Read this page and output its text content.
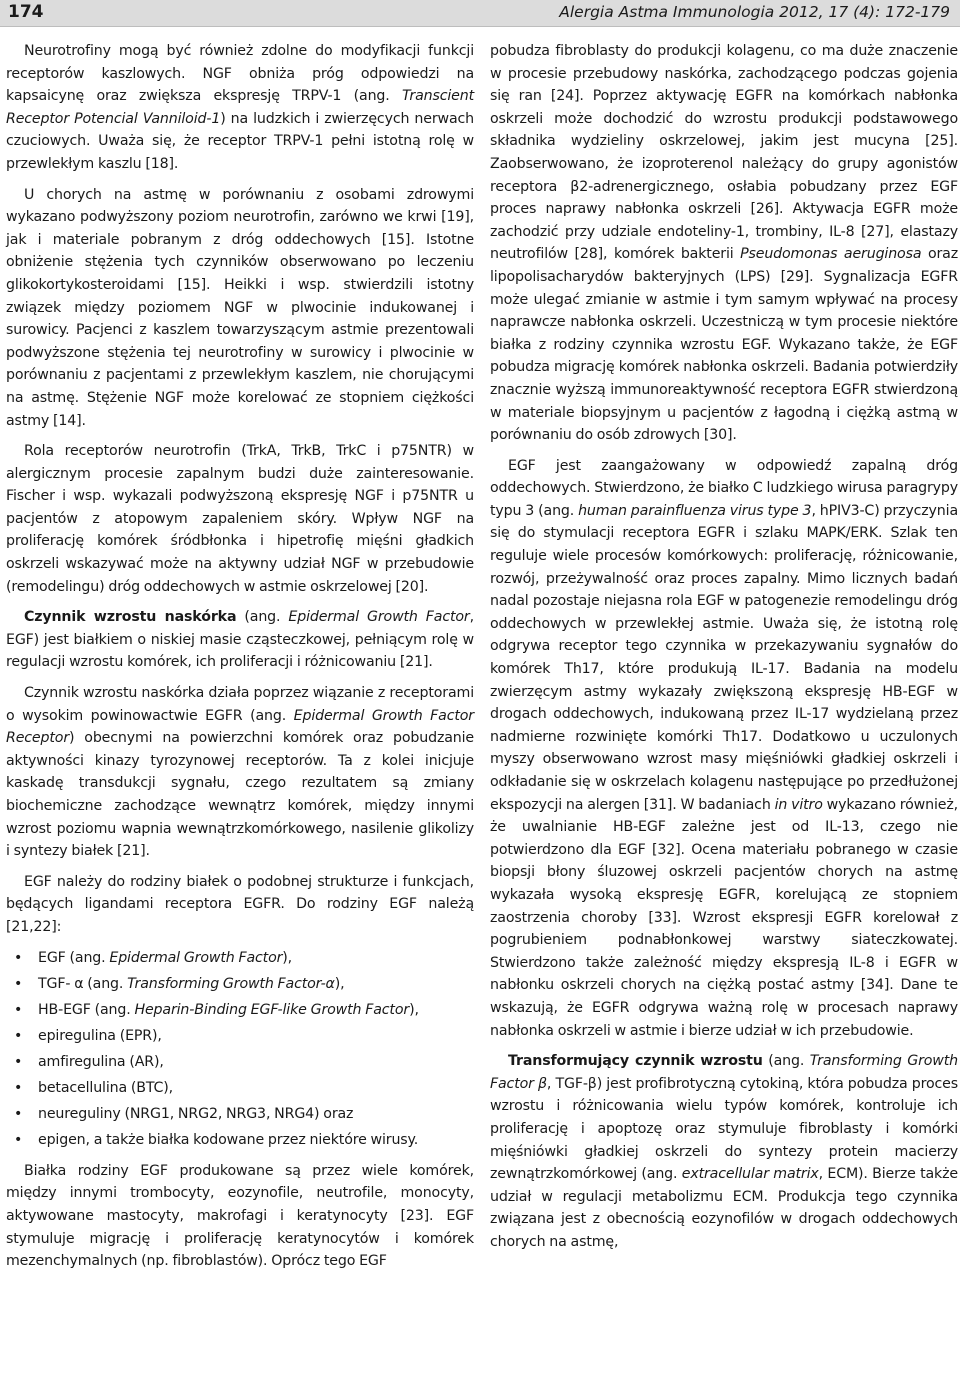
174	Alergia Astma Immunologia 2012, 17 (4): 172-179

Neurotrofiny mogą być również zdolne do modyfikacji funkcji receptorów kaszlowych. NGF obniża próg odpowiedzi na kapsaicynę oraz zwiększa ekspresję TRPV-1 (ang. Transcient Receptor Potencial Vanniloid-1) na ludzkich i zwierzęcych nerwach czuciowych. Uważa się, że receptor TRPV-1 pełni istotną rolę w przewlekłym kaszlu [18].

U chorych na astmę w porównaniu z osobami zdrowymi wykazano podwyższony poziom neurotrofin, zarówno we krwi [19], jak i materiale pobranym z dróg oddechowych [15]. Istotne obniżenie stężenia tych czynników obserwowano po leczeniu glikokortykosteroidami [15]. Heikki i wsp. stwierdzili istotny związek między poziomem NGF w plwocinie indukowanej i surowicy. Pacjenci z kaszlem towarzyszącym astmie prezentowali podwyższone stężenia tej neurotrofiny w surowicy i plwocinie w porównaniu z pacjentami z przewlekłym kaszlem, nie chorującymi na astmę. Stężenie NGF może korelować ze stopniem ciężkości astmy [14].

Rola receptorów neurotrofin (TrkA, TrkB, TrkC i p75NTR) w alergicznym procesie zapalnym budzi duże zainteresowanie. Fischer i wsp. wykazali podwyższoną ekspresję NGF i p75NTR u pacjentów z atopowym zapaleniem skóry. Wpływ NGF na proliferację komórek śródbłonka i hipetrofię mięśni gładkich oskrzeli wskazywać może na aktywny udział NGF w przebudowie (remodelingu) dróg oddechowych w astmie oskrzelowej [20].

Czynnik wzrostu naskórka (ang. Epidermal Growth Factor, EGF) jest białkiem o niskiej masie cząsteczkowej, pełniącym rolę w regulacji wzrostu komórek, ich proliferacji i różnicowaniu [21].

Czynnik wzrostu naskórka działa poprzez wiązanie z receptorami o wysokim powinowactwie EGFR (ang. Epidermal Growth Factor Receptor) obecnymi na powierzchni komórek oraz pobudzanie aktywności kinazy tyrozynowej receptorów. Ta z kolei inicjuje kaskadę transdukcji sygnału, czego rezultatem są zmiany biochemiczne zachodzące wewnątrz komórek, między innymi wzrost poziomu wapnia wewnątrzkomórkowego, nasilenie glikolizy i syntezy białek [21].

EGF należy do rodziny białek o podobnej strukturze i funkcjach, będących ligandami receptora EGFR. Do rodziny EGF należą [21,22]:

• EGF (ang. Epidermal Growth Factor),
• TGF- α (ang. Transforming Growth Factor-α),
• HB-EGF (ang. Heparin-Binding EGF-like Growth Factor),
• epiregulina (EPR),
• amfiregulina (AR),
• betacellulina (BTC),
• neureguliny (NRG1, NRG2, NRG3, NRG4) oraz
• epigen, a także białka kodowane przez niektóre wirusy.

Białka rodziny EGF produkowane są przez wiele komórek, między innymi trombocyty, eozynofile, neutrofile, monocyty, aktywowane mastocyty, makrofagi i keratynocyty [23]. EGF stymuluje migrację i proliferację keratynocytów i komórek mezenchymalnych (np. fibroblastów). Oprócz tego EGF

pobudza fibroblasty do produkcji kolagenu, co ma duże znaczenie w procesie przebudowy naskórka, zachodzącego podczas gojenia się ran [24]. Poprzez aktywację EGFR na komórkach nabłonka oskrzeli może dochodzić do wzrostu produkcji podstawowego składnika wydzieliny oskrzelowej, jakim jest mucyna [25]. Zaobserwowano, że izoproterenol należący do grupy agonistów receptora β2-adrenergicznego, osłabia pobudzany przez EGF proces naprawy nabłonka oskrzeli [26]. Aktywacja EGFR może zachodzić przy udziale endoteliny-1, trombiny, IL-8 [27], elastazy neutrofilów [28], komórek bakterii Pseudomonas aeruginosa oraz lipopolisacharydów bakteryjnych (LPS) [29]. Sygnalizacja EGFR może ulegać zmianie w astmie i tym samym wpływać na procesy naprawcze nabłonka oskrzeli. Uczestniczą w tym procesie niektóre białka z rodziny czynnika wzrostu EGF. Wykazano także, że EGF pobudza migrację komórek nabłonka oskrzeli. Badania potwierdziły znacznie wyższą immunoreaktywność receptora EGFR stwierdzoną w materiale biopsyjnym u pacjentów z łagodną i ciężką astmą w porównaniu do osób zdrowych [30].

EGF jest zaangażowany w odpowiedź zapalną dróg oddechowych. Stwierdzono, że białko C ludzkiego wirusa paragrypy typu 3 (ang. human parainfluenza virus type 3, hPIV3-C) przyczynia się do stymulacji receptora EGFR i szlaku MAPK/ERK. Szlak ten reguluje wiele procesów komórkowych: proliferację, różnicowanie, rozwój, przeżywalność oraz proces zapalny. Mimo licznych badań nadal pozostaje niejasna rola EGF w patogenezie remodelingu dróg oddechowych w przewlekłej astmie. Uważa się, że istotną rolę odgrywa receptor tego czynnika w przekazywaniu sygnałów do komórek Th17, które produkują IL-17. Badania na modelu zwierzęcym astmy wykazały zwiększoną ekspresję HB-EGF w drogach oddechowych, indukowaną przez IL-17 wydzielaną przez nadmierne rozwinięte komórki Th17. Dodatkowo u uczulonych myszy obserwowano wzrost masy mięśniówki gładkiej oskrzeli i odkładanie się w oskrzelach kolagenu następujące po przedłużonej ekspozycji na alergen [31]. W badaniach in vitro wykazano również, że uwalnianie HB-EGF zależne jest od IL-13, czego nie potwierdzono dla EGF [32]. Ocena materiału pobranego w czasie biopsji błony śluzowej oskrzeli pacjentów chorych na astmę wykazała wysoką ekspresję EGFR, korelującą ze stopniem zaostrzenia choroby [33]. Wzrost ekspresji EGFR korelował z pogrubieniem podnabłonkowej warstwy siateczkowatej. Stwierdzono także zależność między ekspresją IL-8 i EGFR w nabłonku oskrzeli chorych na ciężką postać astmy [34]. Dane te wskazują, że EGFR odgrywa ważną rolę w procesach naprawy nabłonka oskrzeli w astmie i bierze udział w ich przebudowie.

Transformujący czynnik wzrostu (ang. Transforming Growth Factor β, TGF-β) jest profibrotyczną cytokiną, która pobudza proces wzrostu i różnicowania wielu typów komórek, kontroluje ich proliferację i apoptozę oraz stymuluje fibroblasty i komórki mięśniówki gładkiej oskrzeli do syntezy protein macierzy zewnątrzkomórkowej (ang. extracellular matrix, ECM). Bierze także udział w regulacji metabolizmu ECM. Produkcja tego czynnika związana jest z obecnością eozynofilów w drogach oddechowych chorych na astmę,
